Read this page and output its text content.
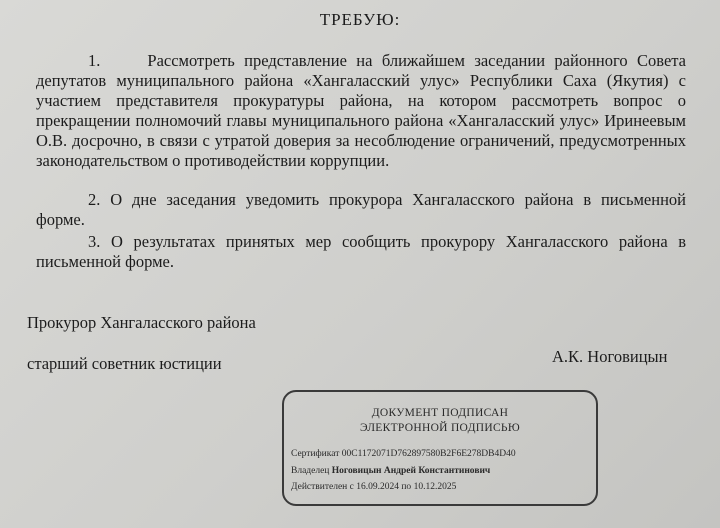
ТРЕБУЮ:
1.	Рассмотреть представление на ближайшем заседании районного Совета депутатов муниципального района «Хангаласский улус» Республики Саха (Якутия) с участием представителя прокуратуры района, на котором рассмотреть вопрос о прекращении полномочий главы муниципального района «Хангаласский улус» Иринеевым О.В. досрочно, в связи с утратой доверия за несоблюдение ограничений, предусмотренных законодательством о противодействии коррупции.
2. О дне заседания уведомить прокурора Хангаласского района в письменной форме.
3. О результатах принятых мер сообщить прокурору Хангаласского района в письменной форме.
Прокурор Хангаласского района
старший советник юстиции	А.К. Ноговицын
ДОКУМЕНТ ПОДПИСАН
ЭЛЕКТРОННОЙ ПОДПИСЬЮ
Сертификат 00C1172071D762897580B2F6E278DB4D40
Владелец Ноговицын Андрей Константинович
Действителен с 16.09.2024 по 10.12.2025
